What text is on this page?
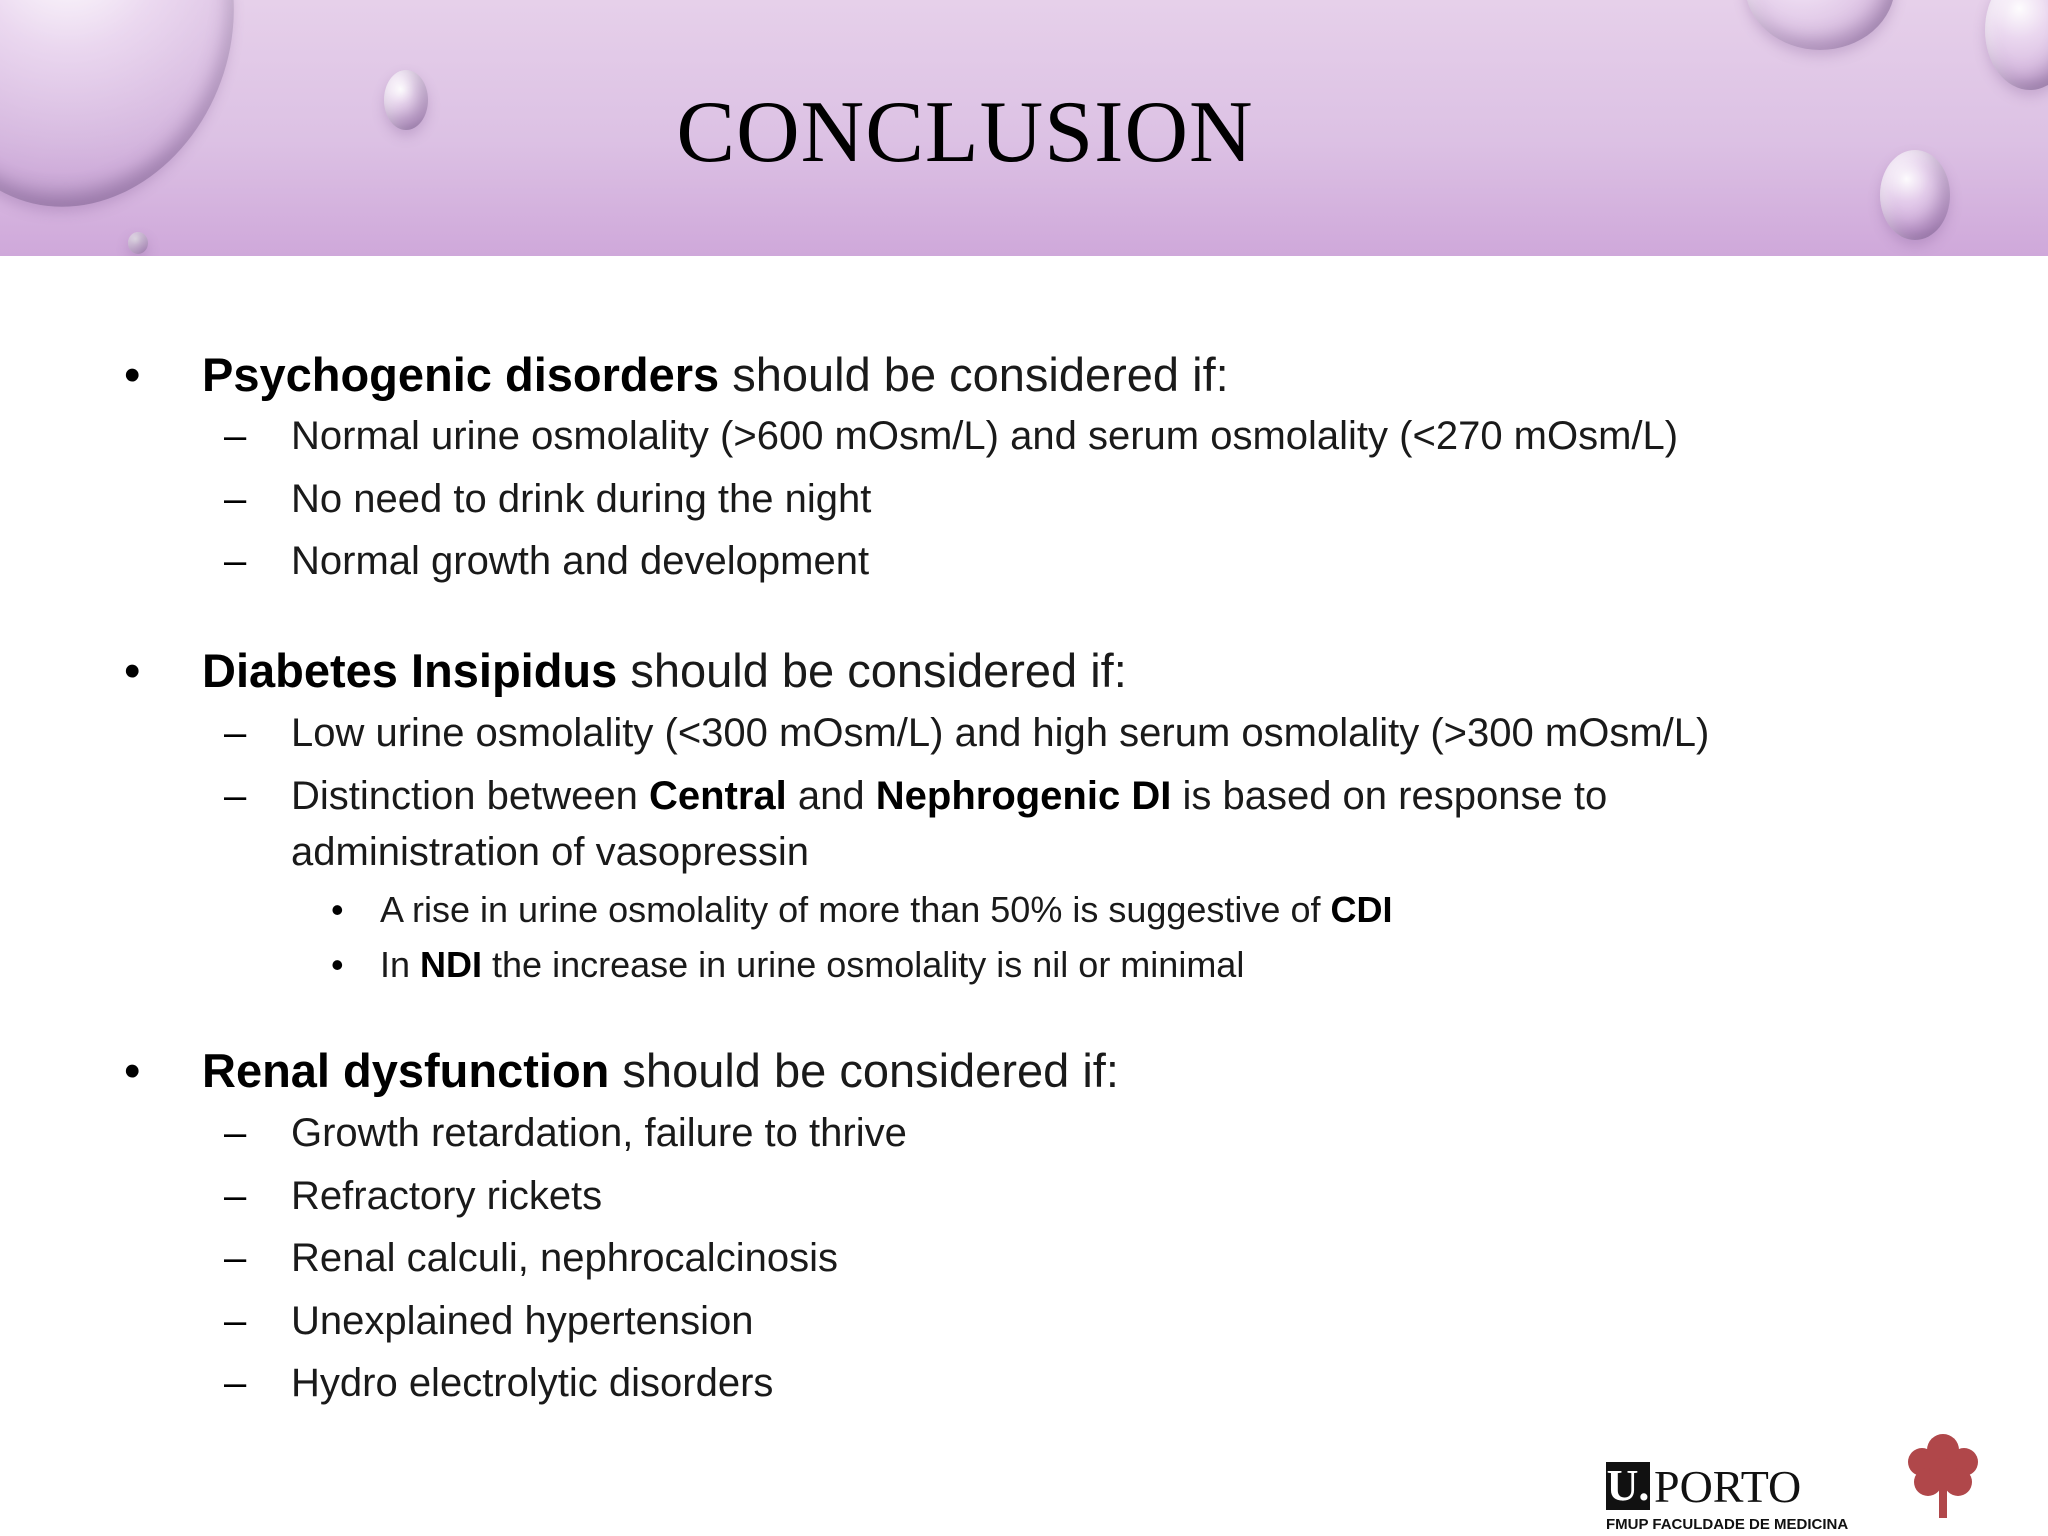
CONCLUSION
• Psychogenic disorders should be considered if:
– Normal urine osmolality (>600 mOsm/L) and serum osmolality (<270 mOsm/L)
– No need to drink during the night
– Normal growth and development
• Diabetes Insipidus should be considered if:
– Low urine osmolality (<300 mOsm/L) and high serum osmolality (>300 mOsm/L)
– Distinction between Central and Nephrogenic DI is based on response to
administration of vasopressin
• A rise in urine osmolality of more than 50% is suggestive of CDI
• In NDI the increase in urine osmolality is nil or minimal
• Renal dysfunction should be considered if:
– Growth retardation, failure to thrive
– Refractory rickets
– Renal calculi, nephrocalcinosis
– Unexplained hypertension
– Hydro electrolytic disorders
U. PORTO
FMUP FACULDADE DE MEDICINA
